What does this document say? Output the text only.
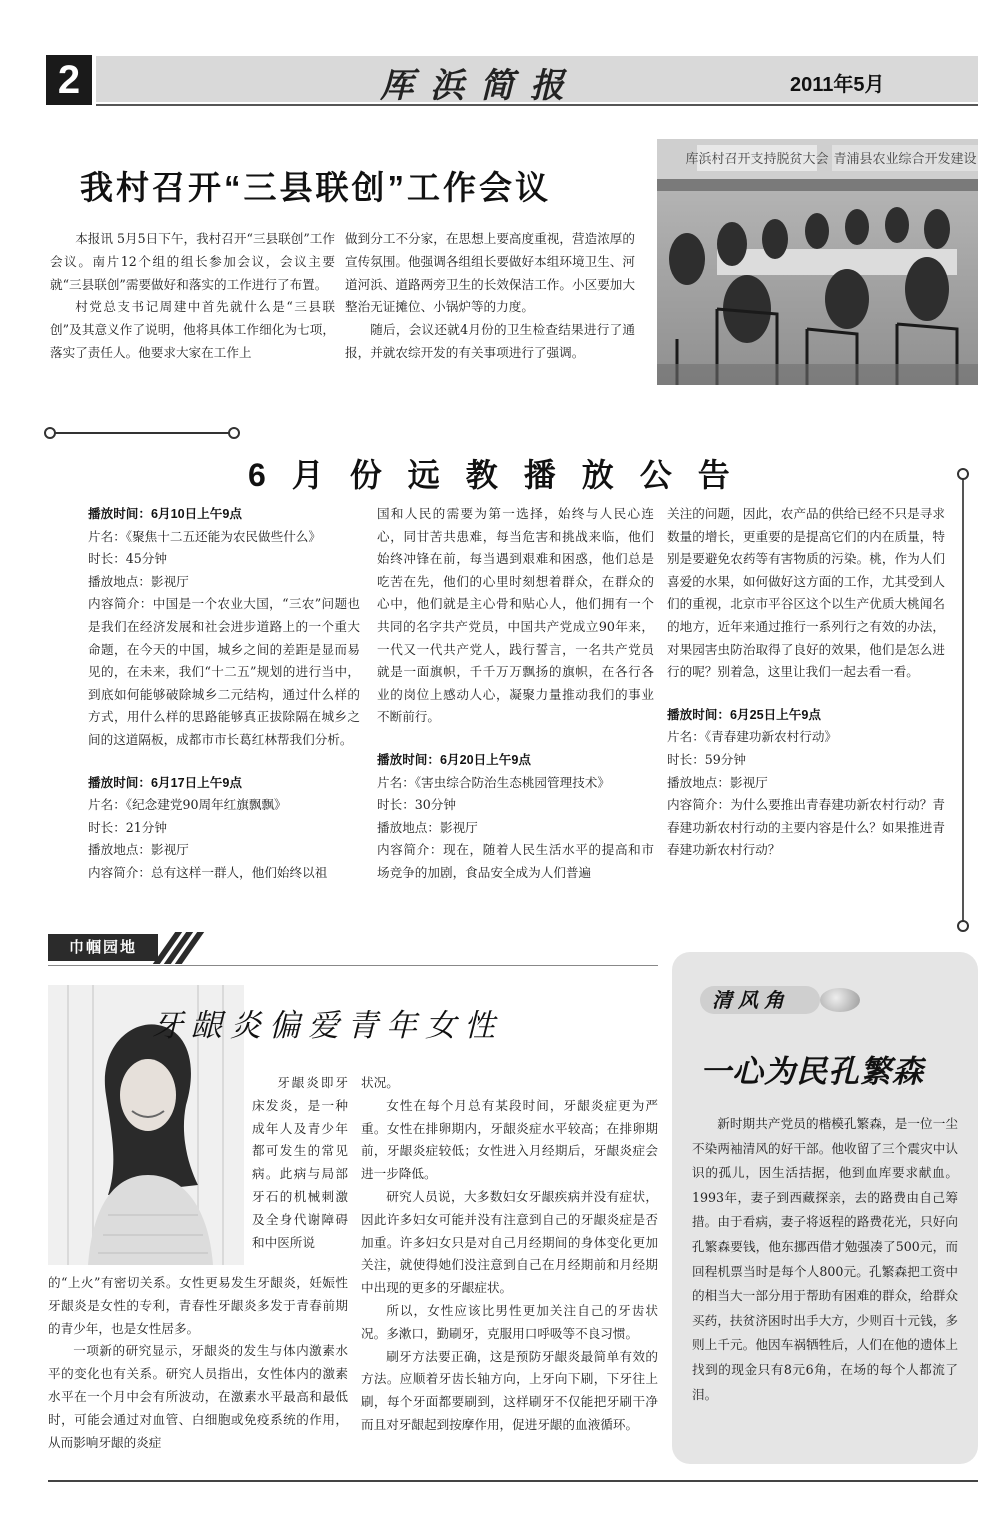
2	厍浜简报	2011年5月
我村召开“三县联创”工作会议

本报讯 5月5日下午，我村召开“三县联创”工作会议。南片12个组的组长参加会议，会议主要就“三县联创”需要做好和落实的工作进行了布置。

村党总支书记周建中首先就什么是“三县联创”及其意义作了说明，他将具体工作细化为七项，落实了责任人。他要求大家在工作上

做到分工不分家，在思想上要高度重视，营造浓厚的宣传氛围。他强调各组组长要做好本组环境卫生、河道河浜、道路两旁卫生的长效保洁工作。小区要加大整治无证摊位、小锅炉等的力度。

随后，会议还就4月份的卫生检查结果进行了通报，并就农综开发的有关事项进行了强调。

库浜村召开支持脱贫大会 青浦县农业综合开发建设
6月份远教播放公告

播放时间：6月10日上午9点

片名：《聚焦十二五还能为农民做些什么》

时长：45分钟

播放地点：影视厅

内容简介：中国是一个农业大国，“三农”问题也是我们在经济发展和社会进步道路上的一个重大命题，在今天的中国，城乡之间的差距是显而易见的，在未来，我们“十二五”规划的进行当中，到底如何能够破除城乡二元结构，通过什么样的方式，用什么样的思路能够真正拔除隔在城乡之间的这道隔板，成都市市长葛红林帮我们分析。

播放时间：6月17日上午9点

片名：《纪念建党90周年红旗飘飘》

时长：21分钟

播放地点：影视厅

内容简介：总有这样一群人，他们始终以祖

国和人民的需要为第一选择，始终与人民心连心，同甘苦共患难，每当危害和挑战来临，他们始终冲锋在前，每当遇到艰难和困惑，他们总是吃苦在先，他们的心里时刻想着群众，在群众的心中，他们就是主心骨和贴心人，他们拥有一个共同的名字共产党员，中国共产党成立90年来，一代又一代共产党人，践行誓言，一名共产党员就是一面旗帜，千千万万飘扬的旗帜，在各行各业的岗位上感动人心，凝聚力量推动我们的事业不断前行。

播放时间：6月20日上午9点

片名：《害虫综合防治生态桃园管理技术》

时长：30分钟

播放地点：影视厅

内容简介：现在，随着人民生活水平的提高和市场竞争的加剧，食品安全成为人们普遍

关注的问题，因此，农产品的供给已经不只是寻求数量的增长，更重要的是提高它们的内在质量，特别是要避免农药等有害物质的污染。桃，作为人们喜爱的水果，如何做好这方面的工作，尤其受到人们的重视，北京市平谷区这个以生产优质大桃闻名的地方，近年来通过推行一系列行之有效的办法，对果园害虫防治取得了良好的效果，他们是怎么进行的呢？别着急，这里让我们一起去看一看。

播放时间：6月25日上午9点

片名：《青春建功新农村行动》

时长：59分钟

播放地点：影视厅

内容简介：为什么要推出青春建功新农村行动？青春建功新农村行动的主要内容是什么？如果推进青春建功新农村行动？

巾帼园地
牙龈炎偏爱青年女性

牙龈炎即牙床发炎，是一种成年人及青少年都可发生的常见病。此病与局部牙石的机械刺激及全身代谢障碍和中医所说

的“上火”有密切关系。女性更易发生牙龈炎，妊娠性牙龈炎是女性的专利，青春性牙龈炎多发于青春前期的青少年，也是女性居多。

一项新的研究显示，牙龈炎的发生与体内激素水平的变化也有关系。研究人员指出，女性体内的激素水平在一个月中会有所波动，在激素水平最高和最低时，可能会通过对血管、白细胞或免疫系统的作用，从而影响牙龈的炎症

状况。

女性在每个月总有某段时间，牙龈炎症更为严重。女性在排卵期内，牙龈炎症水平较高；在排卵期前，牙龈炎症较低；女性进入月经期后，牙龈炎症会进一步降低。

研究人员说，大多数妇女牙龈疾病并没有症状，因此许多妇女可能并没有注意到自己的牙龈炎症是否加重。许多妇女只是对自己月经期间的身体变化更加关注，就使得她们没注意到自己在月经期前和月经期中出现的更多的牙龈症状。

所以，女性应该比男性更加关注自己的牙齿状况。多漱口，勤刷牙，克服用口呼吸等不良习惯。

刷牙方法要正确，这是预防牙龈炎最简单有效的方法。应顺着牙齿长轴方向，上牙向下刷，下牙往上刷，每个牙面都要刷到，这样刷牙不仅能把牙刷干净而且对牙龈起到按摩作用，促进牙龈的血液循环。

清风角
一心为民孔繁森

新时期共产党员的楷模孔繁森，是一位一尘不染两袖清风的好干部。他收留了三个震灾中认识的孤儿，因生活拮据，他到血库要求献血。1993年，妻子到西藏探亲，去的路费由自己筹措。由于看病，妻子将返程的路费花光，只好向孔繁森要钱，他东挪西借才勉强凑了500元，而回程机票当时是每个人800元。孔繁森把工资中的相当大一部分用于帮助有困难的群众，给群众买药，扶贫济困时出手大方，少则百十元钱，多则上千元。他因车祸牺牲后，人们在他的遗体上找到的现金只有8元6角，在场的每个人都流了泪。
